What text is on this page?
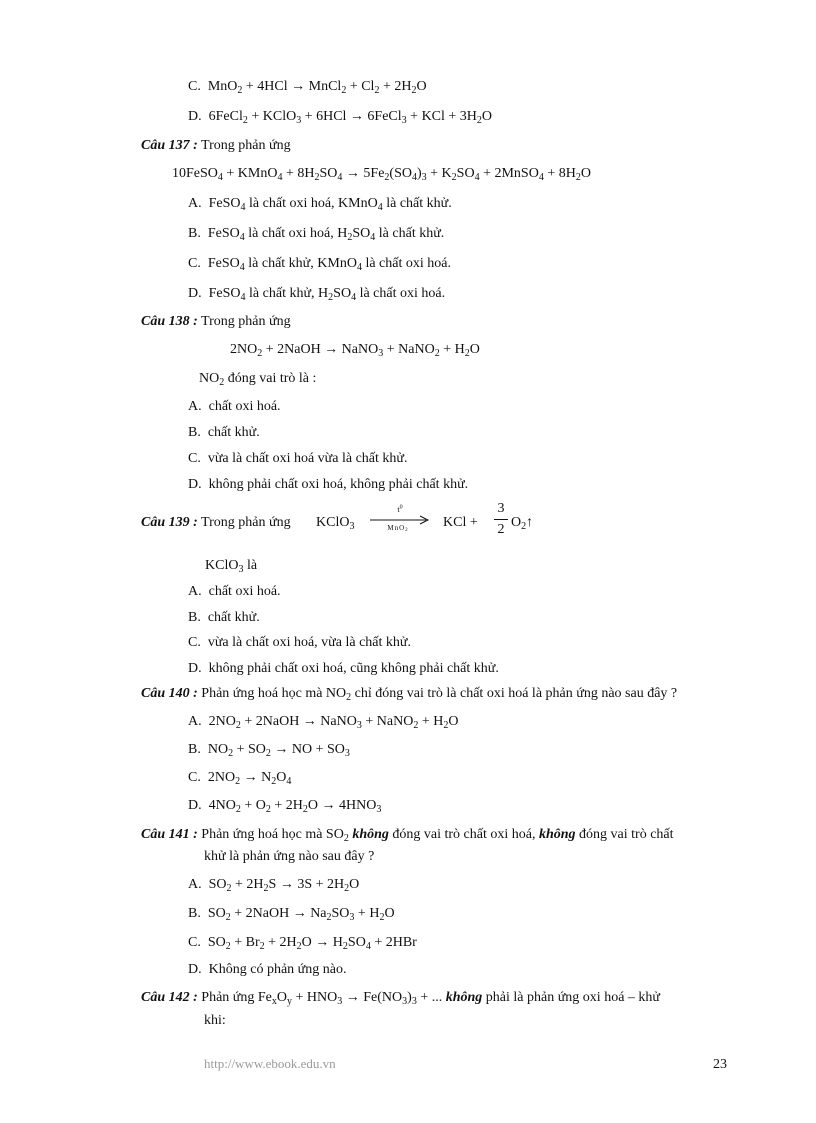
C. MnO$_2$ + 4HCl → MnCl$_2$ + $Cl_2 + 2H_2O$
D. 6FeCl$_2$ + KClO$_3$ + 6HCl → 6FeCl$_3$ + KCl + $3H_2O$
Câu 137 : Trong phản ứng
10FeSO$_4$ + KMnO$_4$ + $8H_2SO_4 \to 5Fe_2(SO_4)_3 + K_2SO_4$ + 2MnSO$_4$ + $8H_2O$
A. FeSO$_4$ là chất oxi hoá, KMnO$_4$ là chất khử.
B. FeSO$_4$ là chất oxi hoá, $H_2SO_4$ là chất khử.
C. FeSO$_4$ là chất khử, KMnO$_4$ là chất oxi hoá.
D. FeSO$_4$ là chất khử, $H_2SO_4$ là chất oxi hoá.
Câu 138 : Trong phản ứng
$2NO_2$ + 2NaOH → NaNO$_3$ + NaNO$_2$ + $H_2O$
$NO_2$ đóng vai trò là :
A. chất oxi hoá.
B. chất khử.
C. vừa là chất oxi hoá vừa là chất khử.
D. không phải chất oxi hoá, không phải chất khử.
Câu 139 : Trong phản ứng KClO$_3$
$t^0$
MnO$_2$
KCl +
3
2 $O_2↑$
KClO$_3$ là
A. chất oxi hoá.
B. chất khử.
C. vừa là chất oxi hoá, vừa là chất khử.
D. không phải chất oxi hoá, cũng không phải chất khử.
Câu 140 : Phản ứng hoá học mà $NO_2$ chỉ đóng vai trò là chất oxi hoá là phản ứng nào sau đây ?
A. $2NO_2$ + 2NaOH → NaNO$_3$ + NaNO$_2$ + $H_2O$
B. $NO_2 + SO_2$ → NO + $SO_3$
C. $2NO_2 \to N_2O_4$
D. $4NO_2 + O_2 + 2H_2O \to 4HNO_3$
Câu 141 : Phản ứng hoá học mà $SO_2$ không đóng vai trò chất oxi hoá, không đóng vai trò chất
khử là phản ứng nào sau đây ?
A. $SO_2 + 2H_2S \to 3S + 2H_2O$
B. $SO_2$ + 2NaOH → $Na_2SO_3 + H_2O$
C. $SO_2 + Br_2 + 2H_2O \to H_2SO_4 + 2HBr$
D. Không có phản ứng nào.
Câu 142 : Phản ứng $Fe_xO_y + HNO_3 \to Fe(NO_3)_3$ + ... không phải là phản ứng oxi hoá – khử
khi:
http://www.ebook.edu.vn	23
